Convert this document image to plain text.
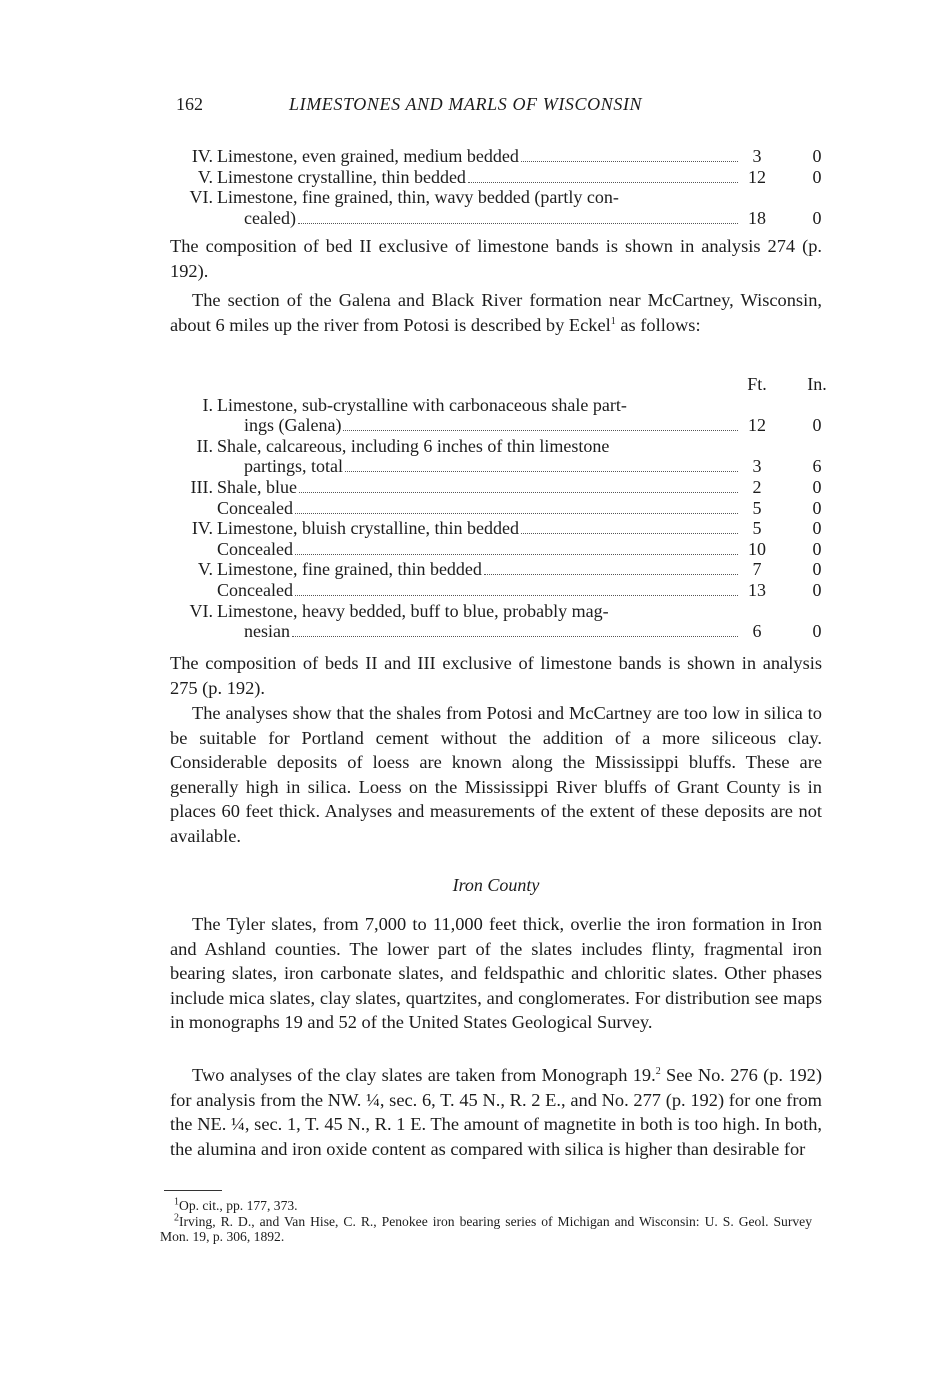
162	LIMESTONES AND MARLS OF WISCONSIN
IV. Limestone, even grained, medium bedded	3	0
V. Limestone crystalline, thin bedded	12	0
VI. Limestone, fine grained, thin, wavy bedded (partly con-
cealed)	18	0

The composition of bed II exclusive of limestone bands is shown in analysis 274 (p. 192).

The section of the Galena and Black River formation near McCartney, Wisconsin, about 6 miles up the river from Potosi is described by Eckel$^1$ as follows:

Ft.	In.
I. Limestone, sub-crystalline with carbonaceous shale part-
ings (Galena)	12	0
II. Shale, calcareous, including 6 inches of thin limestone
partings, total	3	6
III. Shale, blue	2	0
Concealed	5	0
IV. Limestone, bluish crystalline, thin bedded	5	0
Concealed	10	0
V. Limestone, fine grained, thin bedded	7	0
Concealed	13	0
VI. Limestone, heavy bedded, buff to blue, probably mag-
nesian	6	0

The composition of beds II and III exclusive of limestone bands is shown in analysis 275 (p. 192).

The analyses show that the shales from Potosi and McCartney are too low in silica to be suitable for Portland cement without the addition of a more siliceous clay. Considerable deposits of loess are known along the Mississippi bluffs. These are generally high in silica. Loess on the Mississippi River bluffs of Grant County is in places 60 feet thick. Analyses and measurements of the extent of these deposits are not available.

Iron County

The Tyler slates, from 7,000 to 11,000 feet thick, overlie the iron formation in Iron and Ashland counties. The lower part of the slates includes flinty, fragmental iron bearing slates, iron carbonate slates, and feldspathic and chloritic slates. Other phases include mica slates, clay slates, quartzites, and conglomerates. For distribution see maps in monographs 19 and 52 of the United States Geological Survey.

Two analyses of the clay slates are taken from Monograph 19.$^2$ See No. 276 (p. 192) for analysis from the NW. ¼, sec. 6, T. 45 N., R. 2 E., and No. 277 (p. 192) for one from the NE. ¼, sec. 1, T. 45 N., R. 1 E. The amount of magnetite in both is too high. In both, the alumina and iron oxide content as compared with silica is higher than desirable for

$^1$Op. cit., pp. 177, 373.

$^2$Irving, R. D., and Van Hise, C. R., Penokee iron bearing series of Michigan and Wisconsin: U. S. Geol. Survey Mon. 19, p. 306, 1892.
